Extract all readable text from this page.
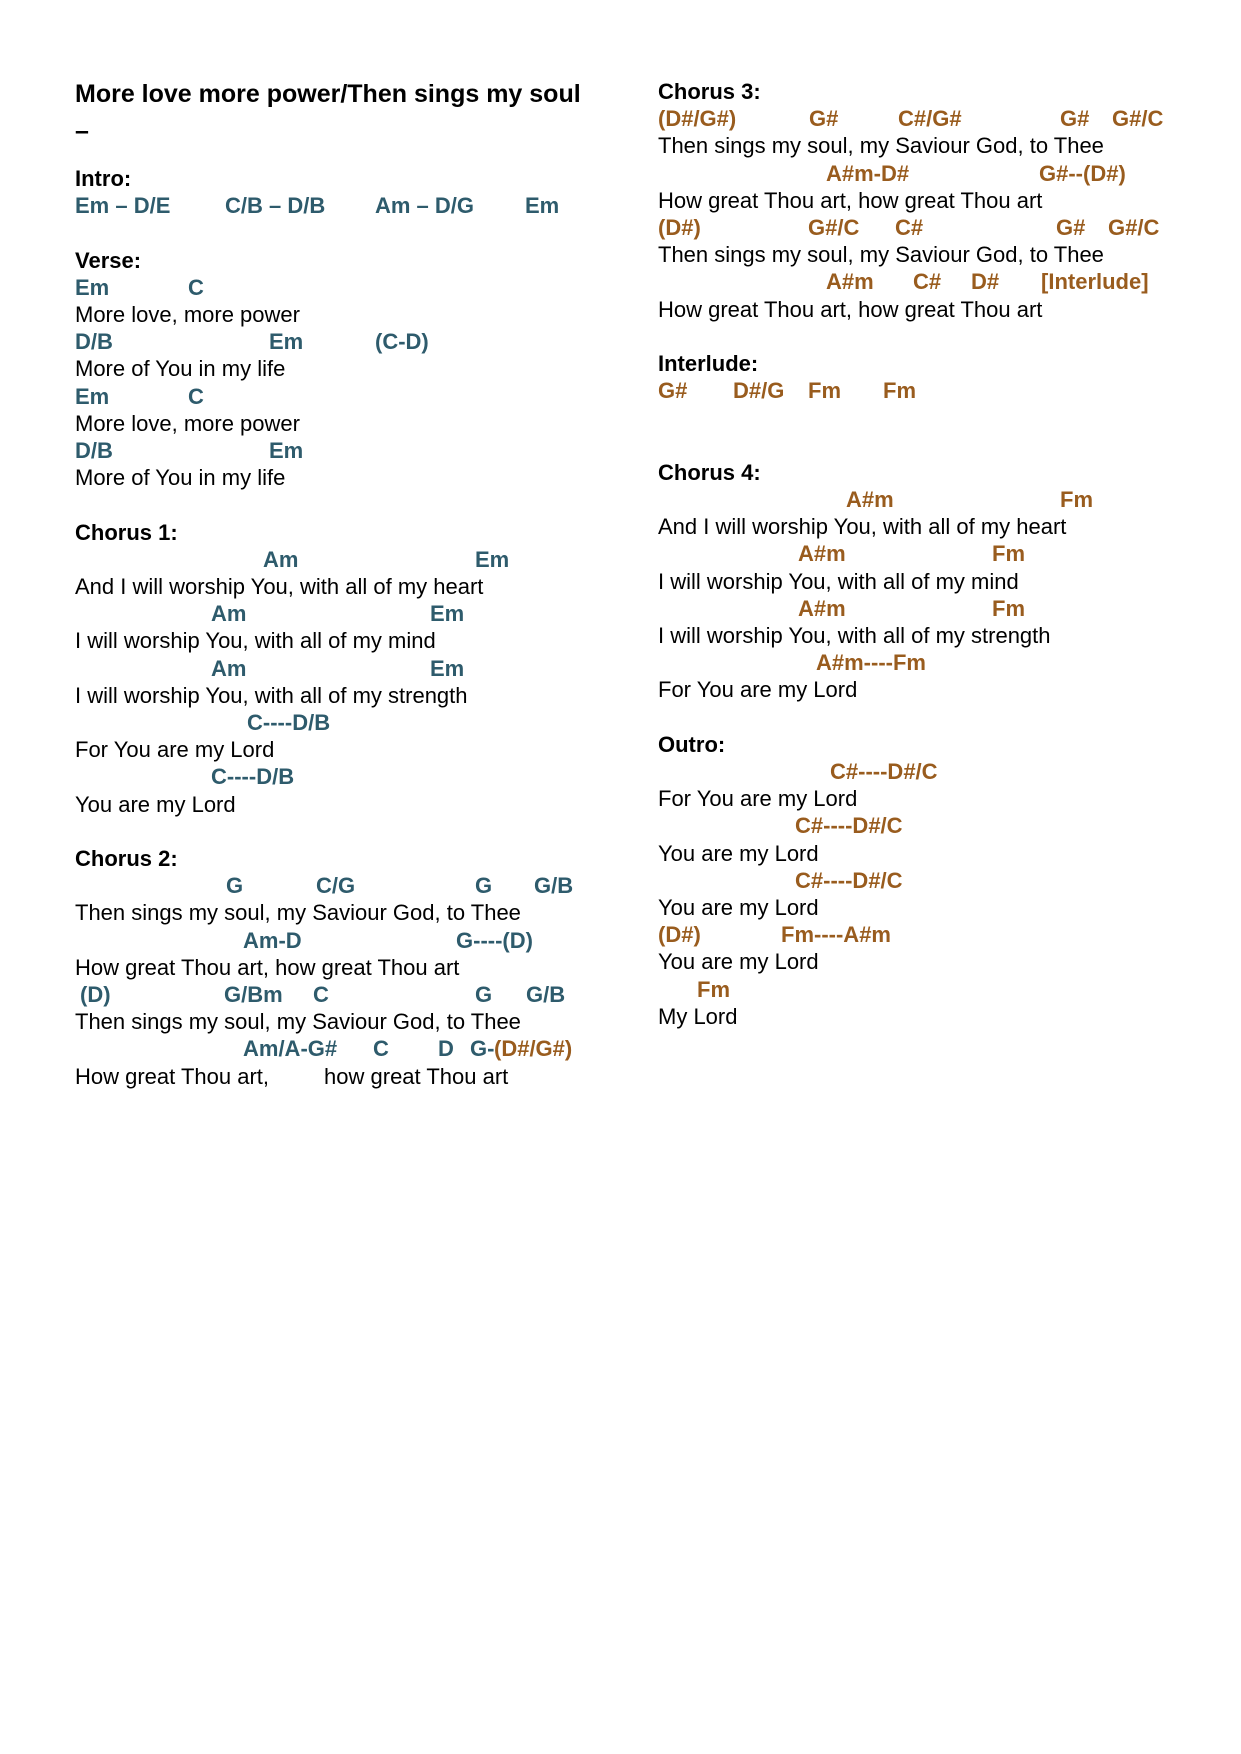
More love more power/Then sings my soul –
Intro:
Em – D/E C/B – D/B Am – D/G Em
Verse:
Em	C
More love, more power
D/B	Em	(C-D)
More of You in my life
Em	C
More love, more power
D/B	Em
More of You in my life
Chorus 1:
Am	Em
And I will worship You, with all of my heart
Am	Em
I will worship You, with all of my mind
Am	Em
I will worship You, with all of my strength
C----D/B
For You are my Lord
C----D/B
You are my Lord
Chorus 2:
G	C/G	G G/B
Then sings my soul, my Saviour God, to Thee
Am-D	G----(D)
How great Thou art, how great Thou art
(D)	G/Bm C	G G/B
Then sings my soul, my Saviour God, to Thee
Am/A-G# C D G- (D#/G#)
How great Thou art,         how great Thou art
Chorus 3:
(D#/G#)	G#	C#/G#	G# G#/C
Then sings my soul, my Saviour God, to Thee
A#m-D#	G#--(D#)
How great Thou art, how great Thou art
(D#)	G#/C C#	G# G#/C
Then sings my soul, my Saviour God, to Thee
A#m C# D# [Interlude]
How great Thou art, how great Thou art
Interlude:
G# D#/G Fm Fm
Chorus 4:
A#m	Fm
And I will worship You, with all of my heart
A#m	Fm
I will worship You, with all of my mind
A#m	Fm
I will worship You, with all of my strength
A#m----Fm
For You are my Lord
Outro:
C#----D#/C
For You are my Lord
C#----D#/C
You are my Lord
C#----D#/C
You are my Lord
(D#)	Fm----A#m
You are my Lord
Fm
My Lord
